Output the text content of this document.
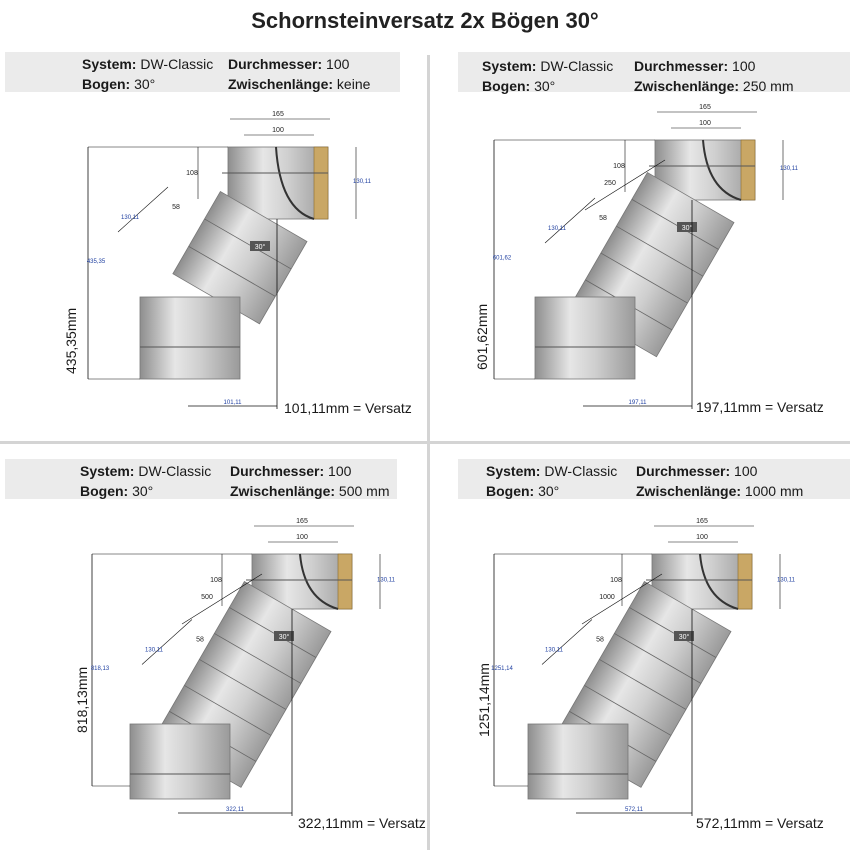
Schornsteinversatz 2x Bögen 30°
System: DW-Classic
Bogen: 30°
Durchmesser: 100
Zwischenlänge: keine
435,35
165
100
108
130,11
130,11
58
30°
101,11
435,35mm
101,11mm = Versatz
System: DW-Classic
Bogen: 30°
Durchmesser: 100
Zwischenlänge: 250 mm
601,62
165
100
108	130,11
130,11
58
250
30°
197,11
601,62mm
197,11mm = Versatz
System: DW-Classic
Bogen: 30°
Durchmesser: 100
Zwischenlänge: 500 mm
818,13
165
100
108	130,11
130,11
58
500
30°
322,11
818,13mm
322,11mm = Versatz
System: DW-Classic
Bogen: 30°
Durchmesser: 100
Zwischenlänge: 1000 mm
1251,14
165
100
108	130,11
130,11
58
1000
30°
572,11
1251,14mm
572,11mm = Versatz
